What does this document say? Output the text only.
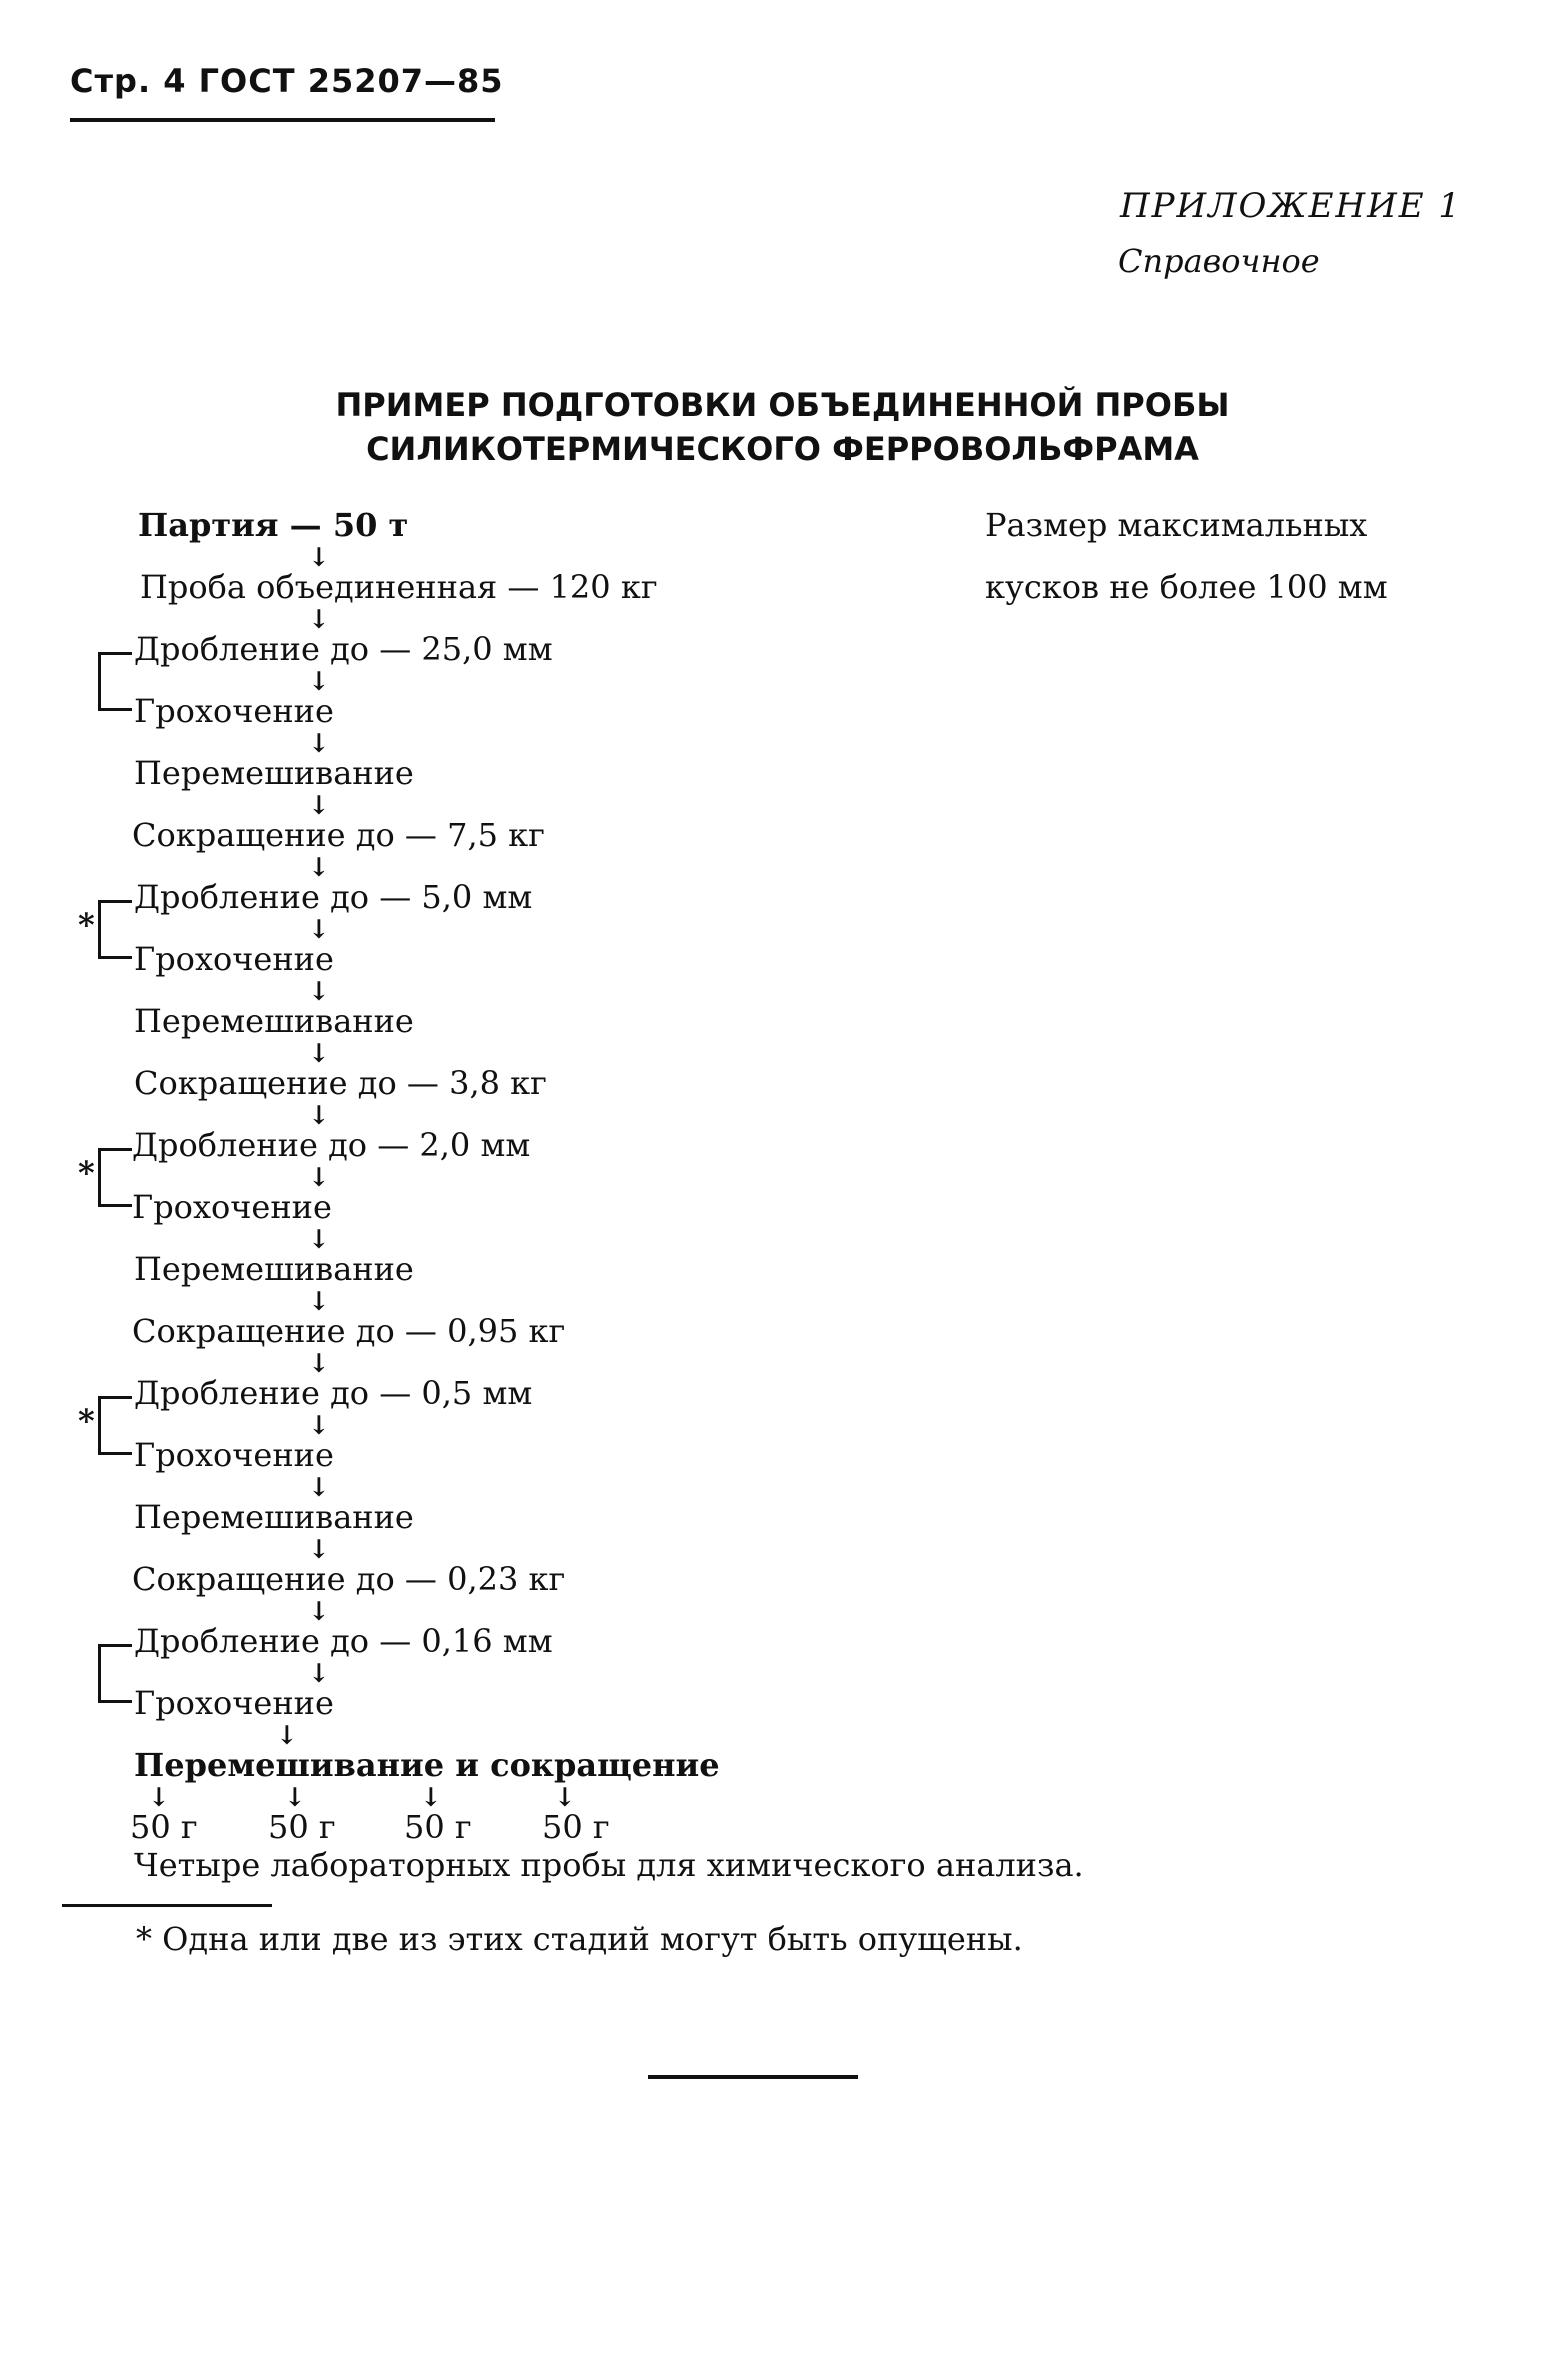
Стр. 4 ГОСТ 25207—85
ПРИЛОЖЕНИЕ 1
Справочное
ПРИМЕР ПОДГОТОВКИ ОБЪЕДИНЕННОЙ ПРОБЫ
СИЛИКОТЕРМИЧЕСКОГО ФЕРРОВОЛЬФРАМА
Размер максимальных
кусков не более 100 мм
Партия — 50 т
↓
Проба объединенная — 120 кг
↓
Дробление до — 25,0 мм
↓
Грохочение
↓
Перемешивание
↓
Сокращение до — 7,5 кг
↓
Дробление до — 5,0 мм
↓
Грохочение
↓
Перемешивание
↓
Сокращение до — 3,8 кг
↓
*
Дробление до — 2,0 мм
↓
Грохочение
↓
Перемешивание
↓
Сокращение до — 0,95 кг
↓
*
Дробление до — 0,5 мм
↓
Грохочение
↓
Перемешивание
↓
Сокращение до — 0,23 кг
↓
*
Дробление до — 0,16 мм
↓
Грохочение
↓
Перемешивание и сокращение
↓	↓	↓	↓
50 г 50 г 50 г 50 г
Четыре лабораторных пробы для химического анализа.
* Одна или две из этих стадий могут быть опущены.
